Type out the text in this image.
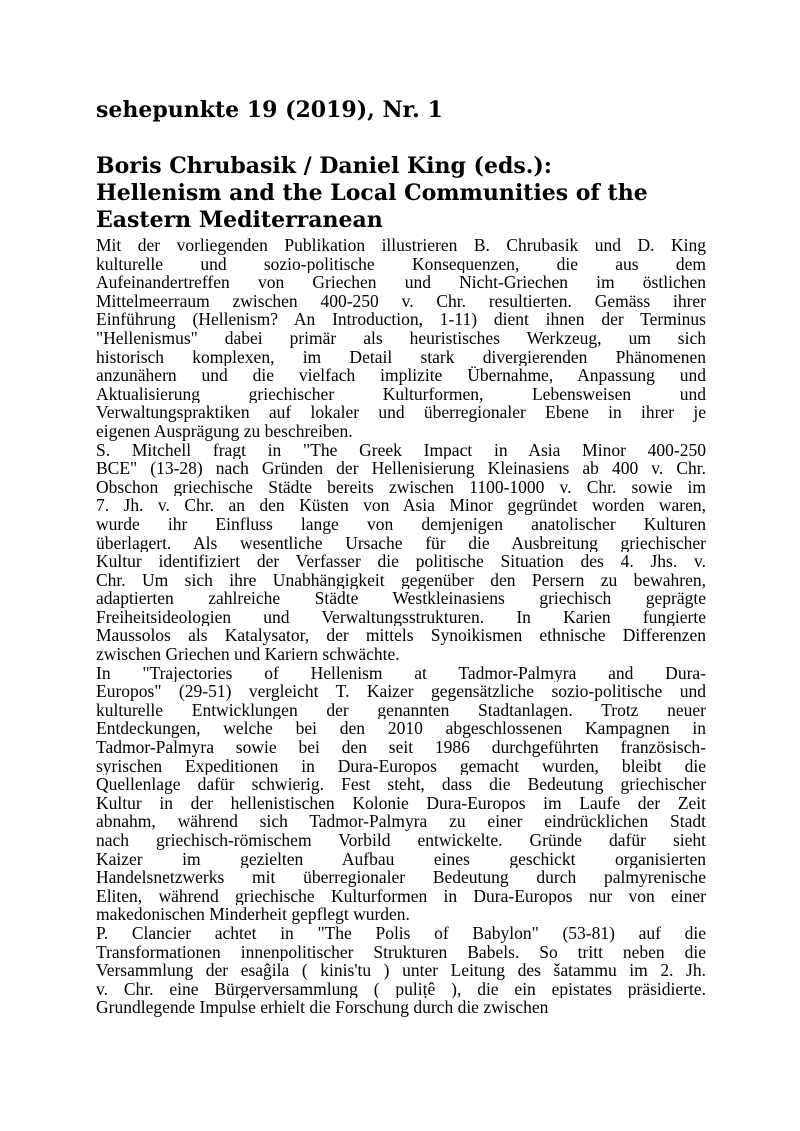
sehepunkte 19 (2019), Nr. 1
Boris Chrubasik / Daniel King (eds.):
Hellenism and the Local Communities of the
Eastern Mediterranean
Mit der vorliegenden Publikation illustrieren B. Chrubasik und D. King
kulturelle und sozio-politische Konsequenzen, die aus dem
Aufeinandertreffen von Griechen und Nicht-Griechen im östlichen
Mittelmeerraum zwischen 400-250 v. Chr. resultierten. Gemäss ihrer
Einführung (Hellenism? An Introduction, 1-11) dient ihnen der Terminus
"Hellenismus" dabei primär als heuristisches Werkzeug, um sich
historisch komplexen, im Detail stark divergierenden Phänomenen
anzunähern und die vielfach implizite Übernahme, Anpassung und
Aktualisierung griechischer Kulturformen, Lebensweisen und
Verwaltungspraktiken auf lokaler und überregionaler Ebene in ihrer je
eigenen Ausprägung zu beschreiben.
S. Mitchell fragt in "The Greek Impact in Asia Minor 400-250
BCE" (13-28) nach Gründen der Hellenisierung Kleinasiens ab 400 v. Chr.
Obschon griechische Städte bereits zwischen 1100-1000 v. Chr. sowie im
7. Jh. v. Chr. an den Küsten von Asia Minor gegründet worden waren,
wurde ihr Einfluss lange von demjenigen anatolischer Kulturen
überlagert. Als wesentliche Ursache für die Ausbreitung griechischer
Kultur identifiziert der Verfasser die politische Situation des 4. Jhs. v.
Chr. Um sich ihre Unabhängigkeit gegenüber den Persern zu bewahren,
adaptierten zahlreiche Städte Westkleinasiens griechisch geprägte
Freiheitsideologien und Verwaltungsstrukturen. In Karien fungierte
Maussolos als Katalysator, der mittels Synoikismen ethnische Differenzen
zwischen Griechen und Kariern schwächte.
In "Trajectories of Hellenism at Tadmor-Palmyra and Dura-
Europos" (29-51) vergleicht T. Kaizer gegensätzliche sozio-politische und
kulturelle Entwicklungen der genannten Stadtanlagen. Trotz neuer
Entdeckungen, welche bei den 2010 abgeschlossenen Kampagnen in
Tadmor-Palmyra sowie bei den seit 1986 durchgeführten französisch-
syrischen Expeditionen in Dura-Europos gemacht wurden, bleibt die
Quellenlage dafür schwierig. Fest steht, dass die Bedeutung griechischer
Kultur in der hellenistischen Kolonie Dura-Europos im Laufe der Zeit
abnahm, während sich Tadmor-Palmyra zu einer eindrücklichen Stadt
nach griechisch-römischem Vorbild entwickelte. Gründe dafür sieht
Kaizer im gezielten Aufbau eines geschickt organisierten
Handelsnetzwerks mit überregionaler Bedeutung durch palmyrenische
Eliten, während griechische Kulturformen in Dura-Europos nur von einer
makedonischen Minderheit gepflegt wurden.
P. Clancier achtet in "The Polis of Babylon" (53-81) auf die
Transformationen innenpolitischer Strukturen Babels. So tritt neben die
Versammlung der esaĝila ( kinis'tu ) unter Leitung des šatammu im 2. Jh.
v. Chr. eine Bürgerversammlung ( puliṭê ), die ein epistates präsidierte.
Grundlegende Impulse erhielt die Forschung durch die zwischen
